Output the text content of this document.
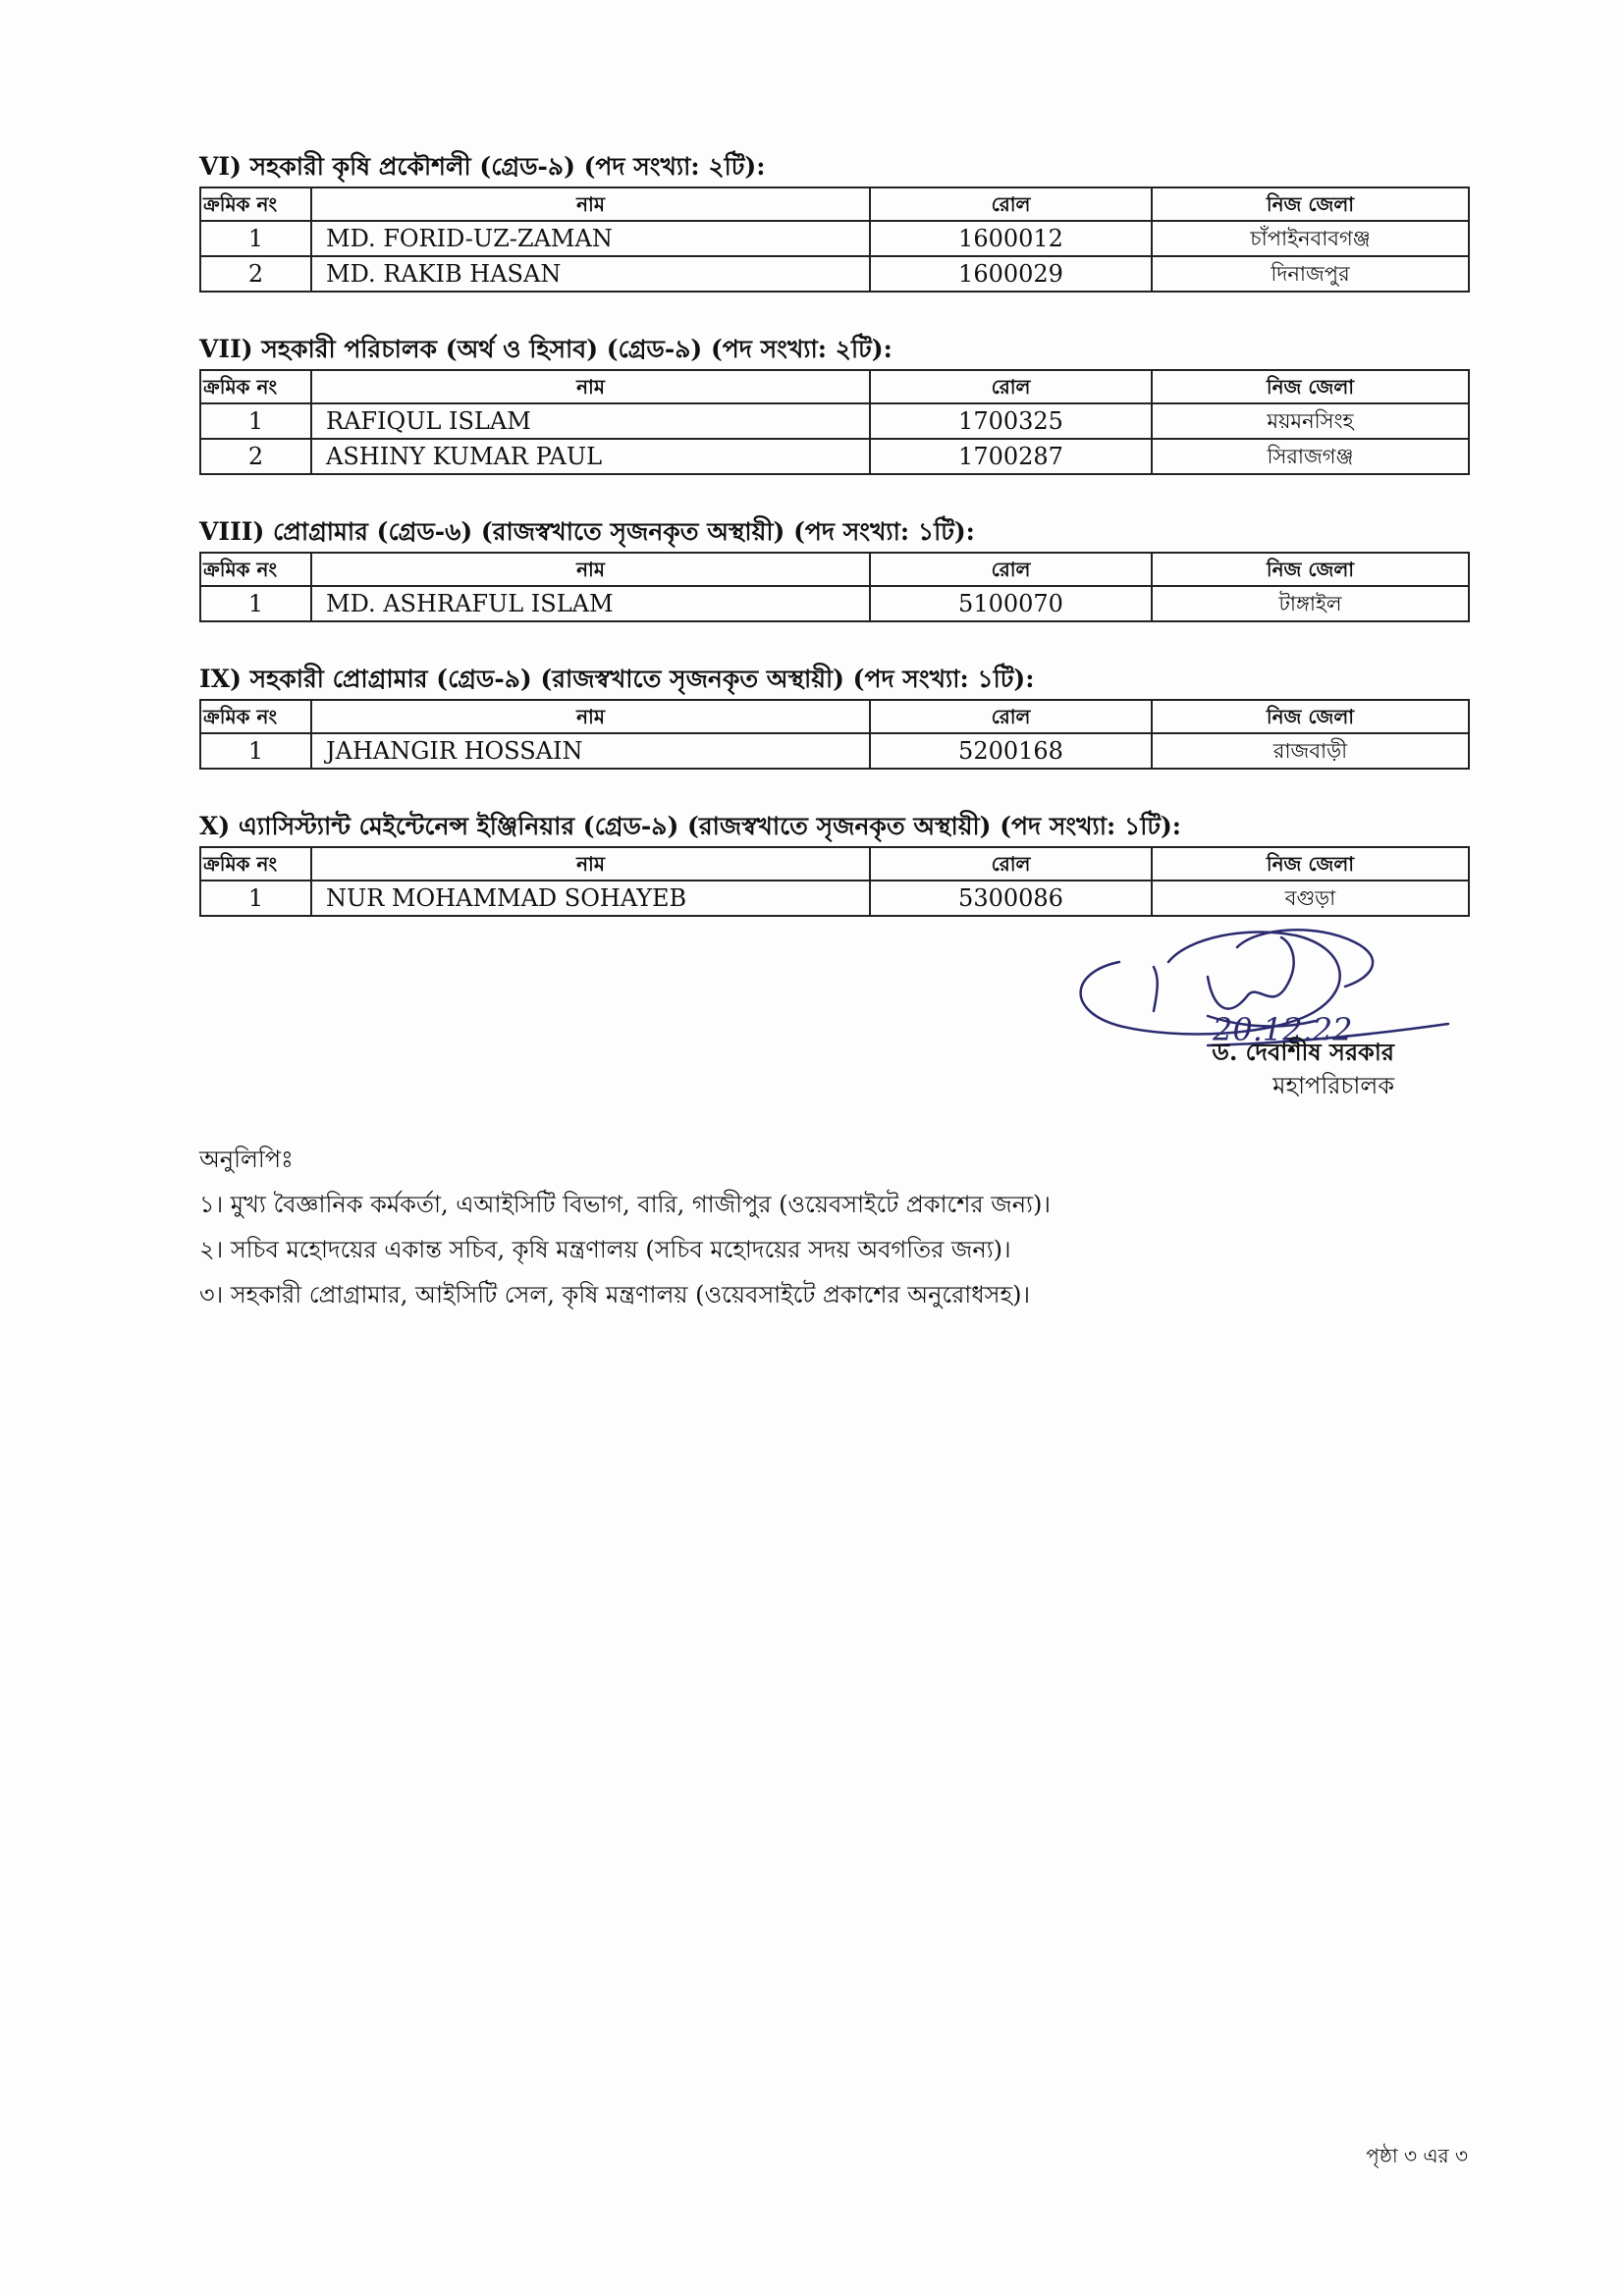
VI) সহকারী কৃষি প্রকৌশলী (গ্রেড-৯) (পদ সংখ্যা: ২টি):
ক্রমিক নং	নাম	রোল	নিজ জেলা
1	MD. FORID-UZ-ZAMAN	1600012	চাঁপাইনবাবগঞ্জ
2	MD. RAKIB HASAN	1600029	দিনাজপুর
VII) সহকারী পরিচালক (অর্থ ও হিসাব) (গ্রেড-৯) (পদ সংখ্যা: ২টি):
ক্রমিক নং	নাম	রোল	নিজ জেলা
1	RAFIQUL ISLAM	1700325	ময়মনসিংহ
2	ASHINY KUMAR PAUL	1700287	সিরাজগঞ্জ
VIII) প্রোগ্রামার (গ্রেড-৬) (রাজস্বখাতে সৃজনকৃত অস্থায়ী) (পদ সংখ্যা: ১টি):
ক্রমিক নং	নাম	রোল	নিজ জেলা
1	MD. ASHRAFUL ISLAM	5100070	টাঙ্গাইল
IX) সহকারী প্রোগ্রামার (গ্রেড-৯) (রাজস্বখাতে সৃজনকৃত অস্থায়ী) (পদ সংখ্যা: ১টি):
ক্রমিক নং	নাম	রোল	নিজ জেলা
1	JAHANGIR HOSSAIN	5200168	রাজবাড়ী
X) এ্যাসিস্ট্যান্ট মেইন্টেনেন্স ইঞ্জিনিয়ার (গ্রেড-৯) (রাজস্বখাতে সৃজনকৃত অস্থায়ী) (পদ সংখ্যা: ১টি):
ক্রমিক নং	নাম	রোল	নিজ জেলা
1	NUR MOHAMMAD SOHAYEB	5300086	বগুড়া
20.12.22
ড. দেবাশীষ সরকার
মহাপরিচালক
অনুলিপিঃ
১। মুখ্য বৈজ্ঞানিক কর্মকর্তা, এআইসিটি বিভাগ, বারি, গাজীপুর (ওয়েবসাইটে প্রকাশের জন্য)।
২। সচিব মহোদয়ের একান্ত সচিব, কৃষি মন্ত্রণালয় (সচিব মহোদয়ের সদয় অবগতির জন্য)।
৩। সহকারী প্রোগ্রামার, আইসিটি সেল, কৃষি মন্ত্রণালয় (ওয়েবসাইটে প্রকাশের অনুরোধসহ)।
পৃষ্ঠা ৩ এর ৩
